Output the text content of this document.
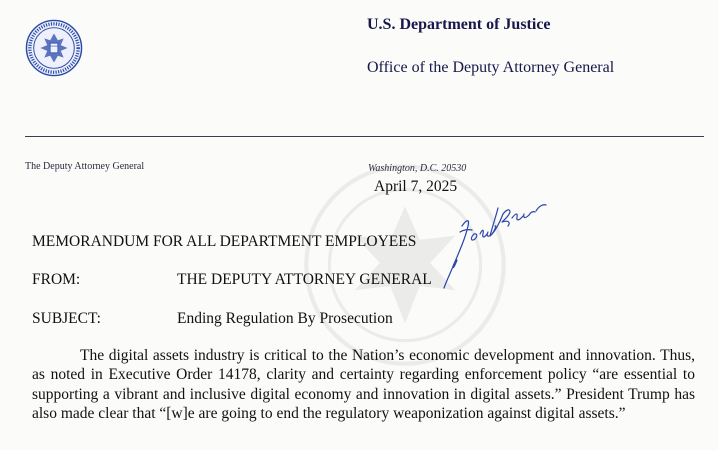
U.S. Department of Justice
Office of the Deputy Attorney General
The Deputy Attorney General	Washington, D.C. 20530
April 7, 2025
MEMORANDUM FOR ALL DEPARTMENT EMPLOYEES
FROM:	THE DEPUTY ATTORNEY GENERAL
SUBJECT:	Ending Regulation By Prosecution

The digital assets industry is critical to the Nation’s economic development and innovation. Thus, as noted in Executive Order 14178, clarity and certainty regarding enforcement policy “are essential to supporting a vibrant and inclusive digital economy and innovation in digital assets.” President Trump has also made clear that “[w]e are going to end the regulatory weaponization against digital assets.”
